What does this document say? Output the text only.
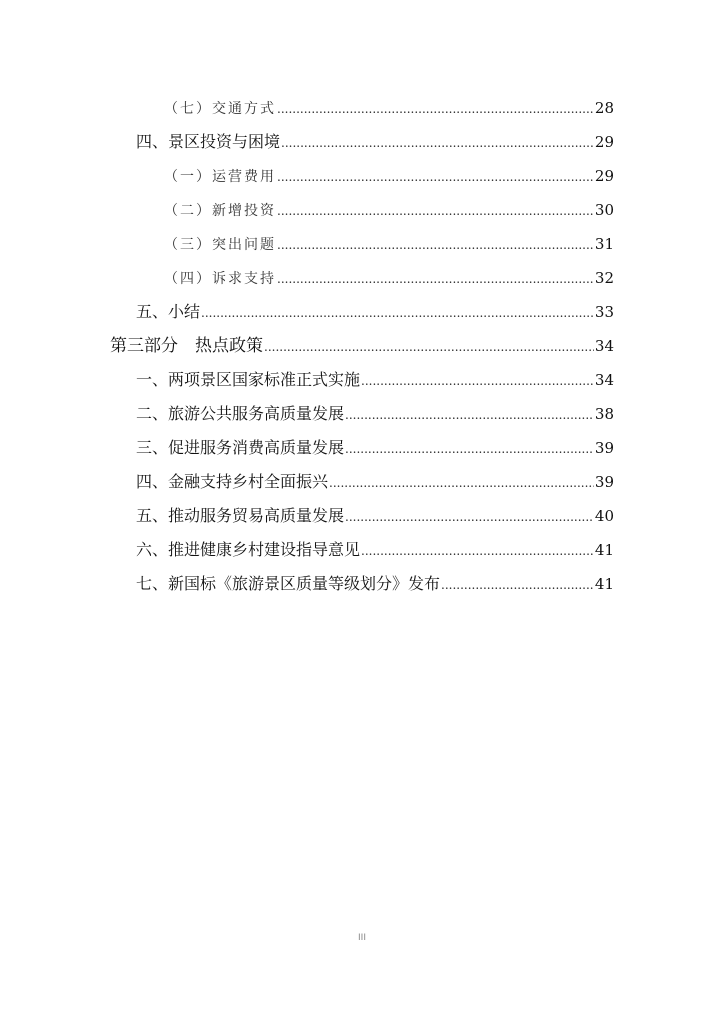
（七）交通方式 .....	28
四、景区投资与困境 .....	29
（一）运营费用 .....	29
（二）新增投资 .....	30
（三）突出问题 .....	31
（四）诉求支持 .....	32
五、小结 .....	33
第三部分　热点政策 .....	34
一、两项景区国家标准正式实施 .....	34
二、旅游公共服务高质量发展 .....	38
三、促进服务消费高质量发展 .....	39
四、金融支持乡村全面振兴 .....	39
五、推动服务贸易高质量发展 .....	40
六、推进健康乡村建设指导意见 .....	41
七、新国标《旅游景区质量等级划分》发布 .....	41
III
